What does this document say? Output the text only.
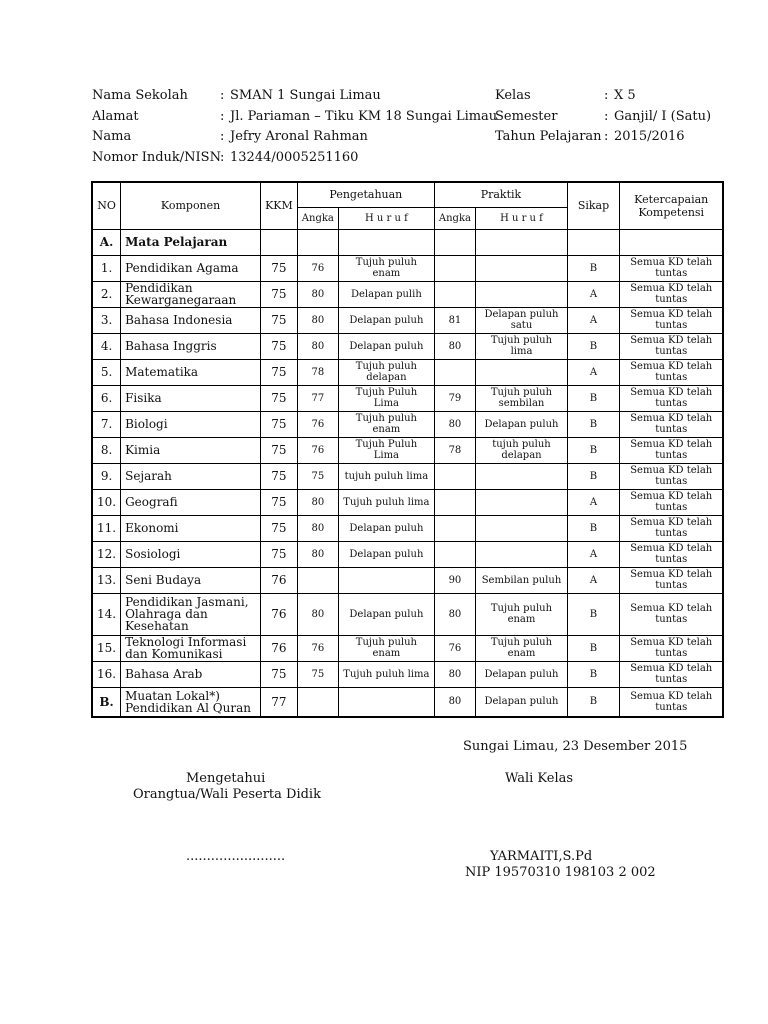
Nama Sekolah	: SMAN 1 Sungai Limau
Alamat	: Jl. Pariaman – Tiku KM 18 Sungai Limau
Nama	: Jefry Aronal Rahman
Nomor Induk/NISN : 13244/0005251160
Kelas	: X 5
Semester	: Ganjil/ I (Satu)
Tahun Pelajaran : 2015/2016
NO	Komponen	KKM	Pengetahuan		Praktik		Sikap	Ketercapaian Kompetensi
			Angka	H u r u f	Angka	H u r u f		
A.	Mata Pelajaran							
1.	Pendidikan Agama	75	76	Tujuh puluh enam			B	Semua KD telah tuntas
2.	Pendidikan Kewarganegaraan	75	80	Delapan pulih			A	Semua KD telah tuntas
3.	Bahasa Indonesia	75	80	Delapan puluh	81	Delapan puluh satu	A	Semua KD telah tuntas
4.	Bahasa Inggris	75	80	Delapan puluh	80	Tujuh puluh lima	B	Semua KD telah tuntas
5.	Matematika	75	78	Tujuh puluh delapan			A	Semua KD telah tuntas
6.	Fisika	75	77	Tujuh Puluh Lima	79	Tujuh puluh sembilan	B	Semua KD telah tuntas
7.	Biologi	75	76	Tujuh puluh enam	80	Delapan puluh	B	Semua KD telah tuntas
8.	Kimia	75	76	Tujuh Puluh Lima	78	tujuh puluh delapan	B	Semua KD telah tuntas
9.	Sejarah	75	75	tujuh puluh lima			B	Semua KD telah tuntas
10.	Geografi	75	80	Tujuh puluh lima			A	Semua KD telah tuntas
11.	Ekonomi	75	80	Delapan puluh			B	Semua KD telah tuntas
12.	Sosiologi	75	80	Delapan puluh			A	Semua KD telah tuntas
13.	Seni Budaya	76			90	Sembilan puluh	A	Semua KD telah tuntas
14.	Pendidikan Jasmani, Olahraga dan Kesehatan	76	80	Delapan puluh	80	Tujuh puluh enam	B	Semua KD telah tuntas
15.	Teknologi Informasi dan Komunikasi	76	76	Tujuh puluh enam	76	Tujuh puluh enam	B	Semua KD telah tuntas
16.	Bahasa Arab	75	75	Tujuh puluh lima	80	Delapan puluh	B	Semua KD telah tuntas
B.	Muatan Lokal*) Pendidikan Al Quran	77			80	Delapan puluh	B	Semua KD telah tuntas
Sungai Limau, 23 Desember 2015
Mengetahui
Orangtua/Wali Peserta Didik
Wali Kelas
........................	YARMAITI,S.Pd
NIP 19570310 198103 2 002
